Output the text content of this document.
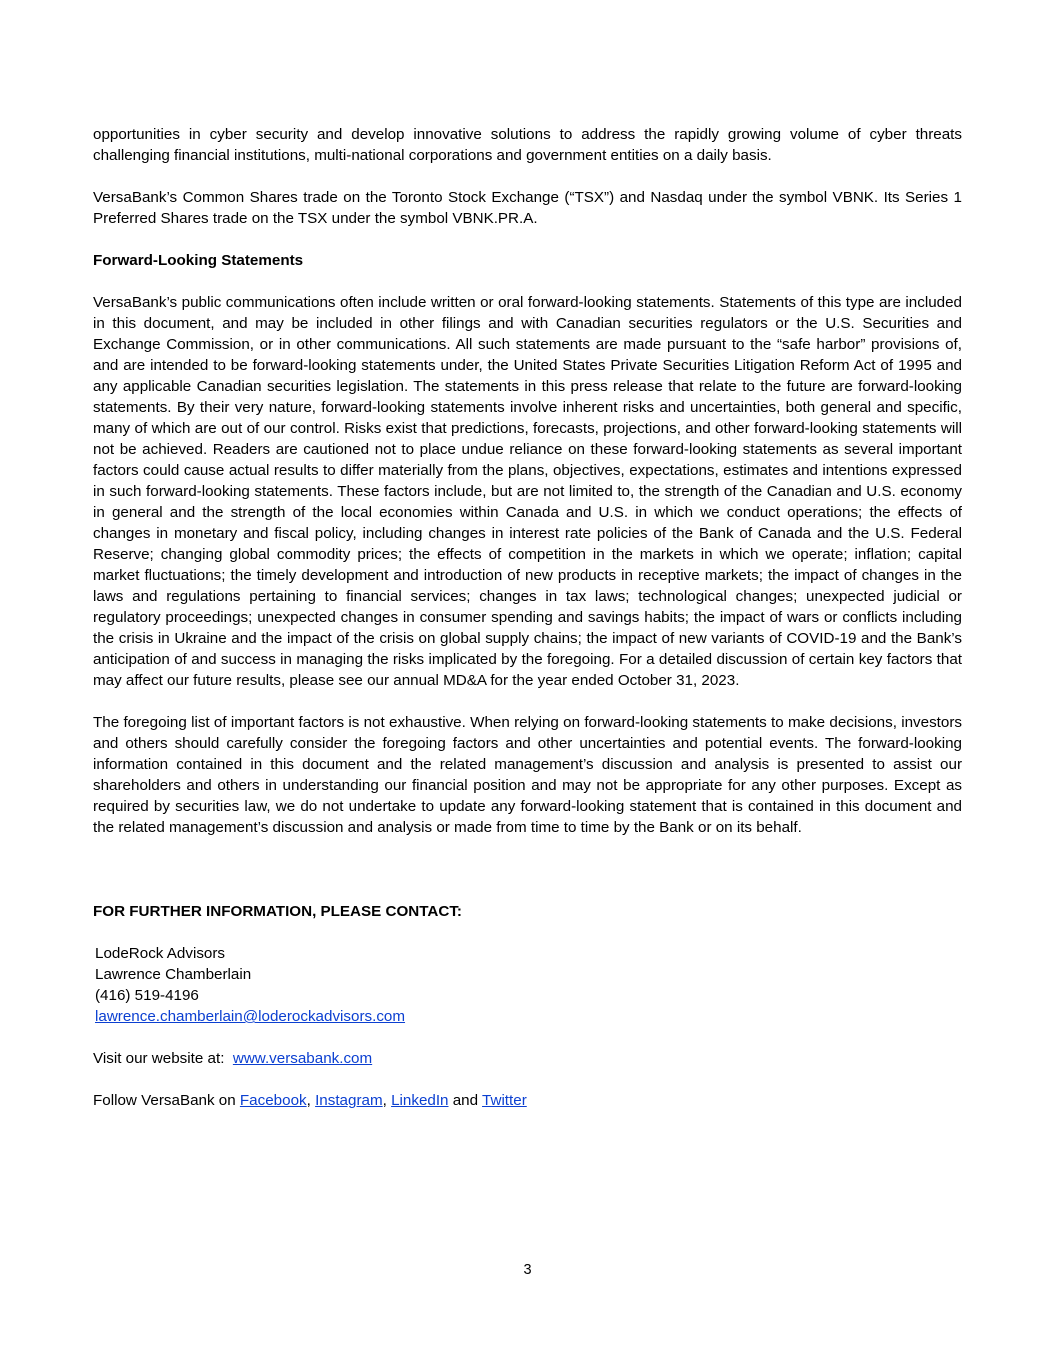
opportunities in cyber security and develop innovative solutions to address the rapidly growing volume of cyber threats challenging financial institutions, multi-national corporations and government entities on a daily basis.

VersaBank’s Common Shares trade on the Toronto Stock Exchange (“TSX”) and Nasdaq under the symbol VBNK. Its Series 1 Preferred Shares trade on the TSX under the symbol VBNK.PR.A.

Forward-Looking Statements

VersaBank’s public communications often include written or oral forward-looking statements. Statements of this type are included in this document, and may be included in other filings and with Canadian securities regulators or the U.S. Securities and Exchange Commission, or in other communications. All such statements are made pursuant to the “safe harbor” provisions of, and are intended to be forward-looking statements under, the United States Private Securities Litigation Reform Act of 1995 and any applicable Canadian securities legislation. The statements in this press release that relate to the future are forward-looking statements. By their very nature, forward-looking statements involve inherent risks and uncertainties, both general and specific, many of which are out of our control. Risks exist that predictions, forecasts, projections, and other forward-looking statements will not be achieved. Readers are cautioned not to place undue reliance on these forward-looking statements as several important factors could cause actual results to differ materially from the plans, objectives, expectations, estimates and intentions expressed in such forward-looking statements. These factors include, but are not limited to, the strength of the Canadian and U.S. economy in general and the strength of the local economies within Canada and U.S. in which we conduct operations; the effects of changes in monetary and fiscal policy, including changes in interest rate policies of the Bank of Canada and the U.S. Federal Reserve; changing global commodity prices; the effects of competition in the markets in which we operate; inflation; capital market fluctuations; the timely development and introduction of new products in receptive markets; the impact of changes in the laws and regulations pertaining to financial services; changes in tax laws; technological changes; unexpected judicial or regulatory proceedings; unexpected changes in consumer spending and savings habits; the impact of wars or conflicts including the crisis in Ukraine and the impact of the crisis on global supply chains; the impact of new variants of COVID-19 and the Bank’s anticipation of and success in managing the risks implicated by the foregoing. For a detailed discussion of certain key factors that may affect our future results, please see our annual MD&A for the year ended October 31, 2023.

The foregoing list of important factors is not exhaustive. When relying on forward-looking statements to make decisions, investors and others should carefully consider the foregoing factors and other uncertainties and potential events. The forward-looking information contained in this document and the related management’s discussion and analysis is presented to assist our shareholders and others in understanding our financial position and may not be appropriate for any other purposes. Except as required by securities law, we do not undertake to update any forward-looking statement that is contained in this document and the related management’s discussion and analysis or made from time to time by the Bank or on its behalf.

FOR FURTHER INFORMATION, PLEASE CONTACT:

LodeRock Advisors
Lawrence Chamberlain
(416) 519-4196
lawrence.chamberlain@loderockadvisors.com
Visit our website at: www.versabank.com
Follow VersaBank on Facebook, Instagram, LinkedIn and Twitter
3
